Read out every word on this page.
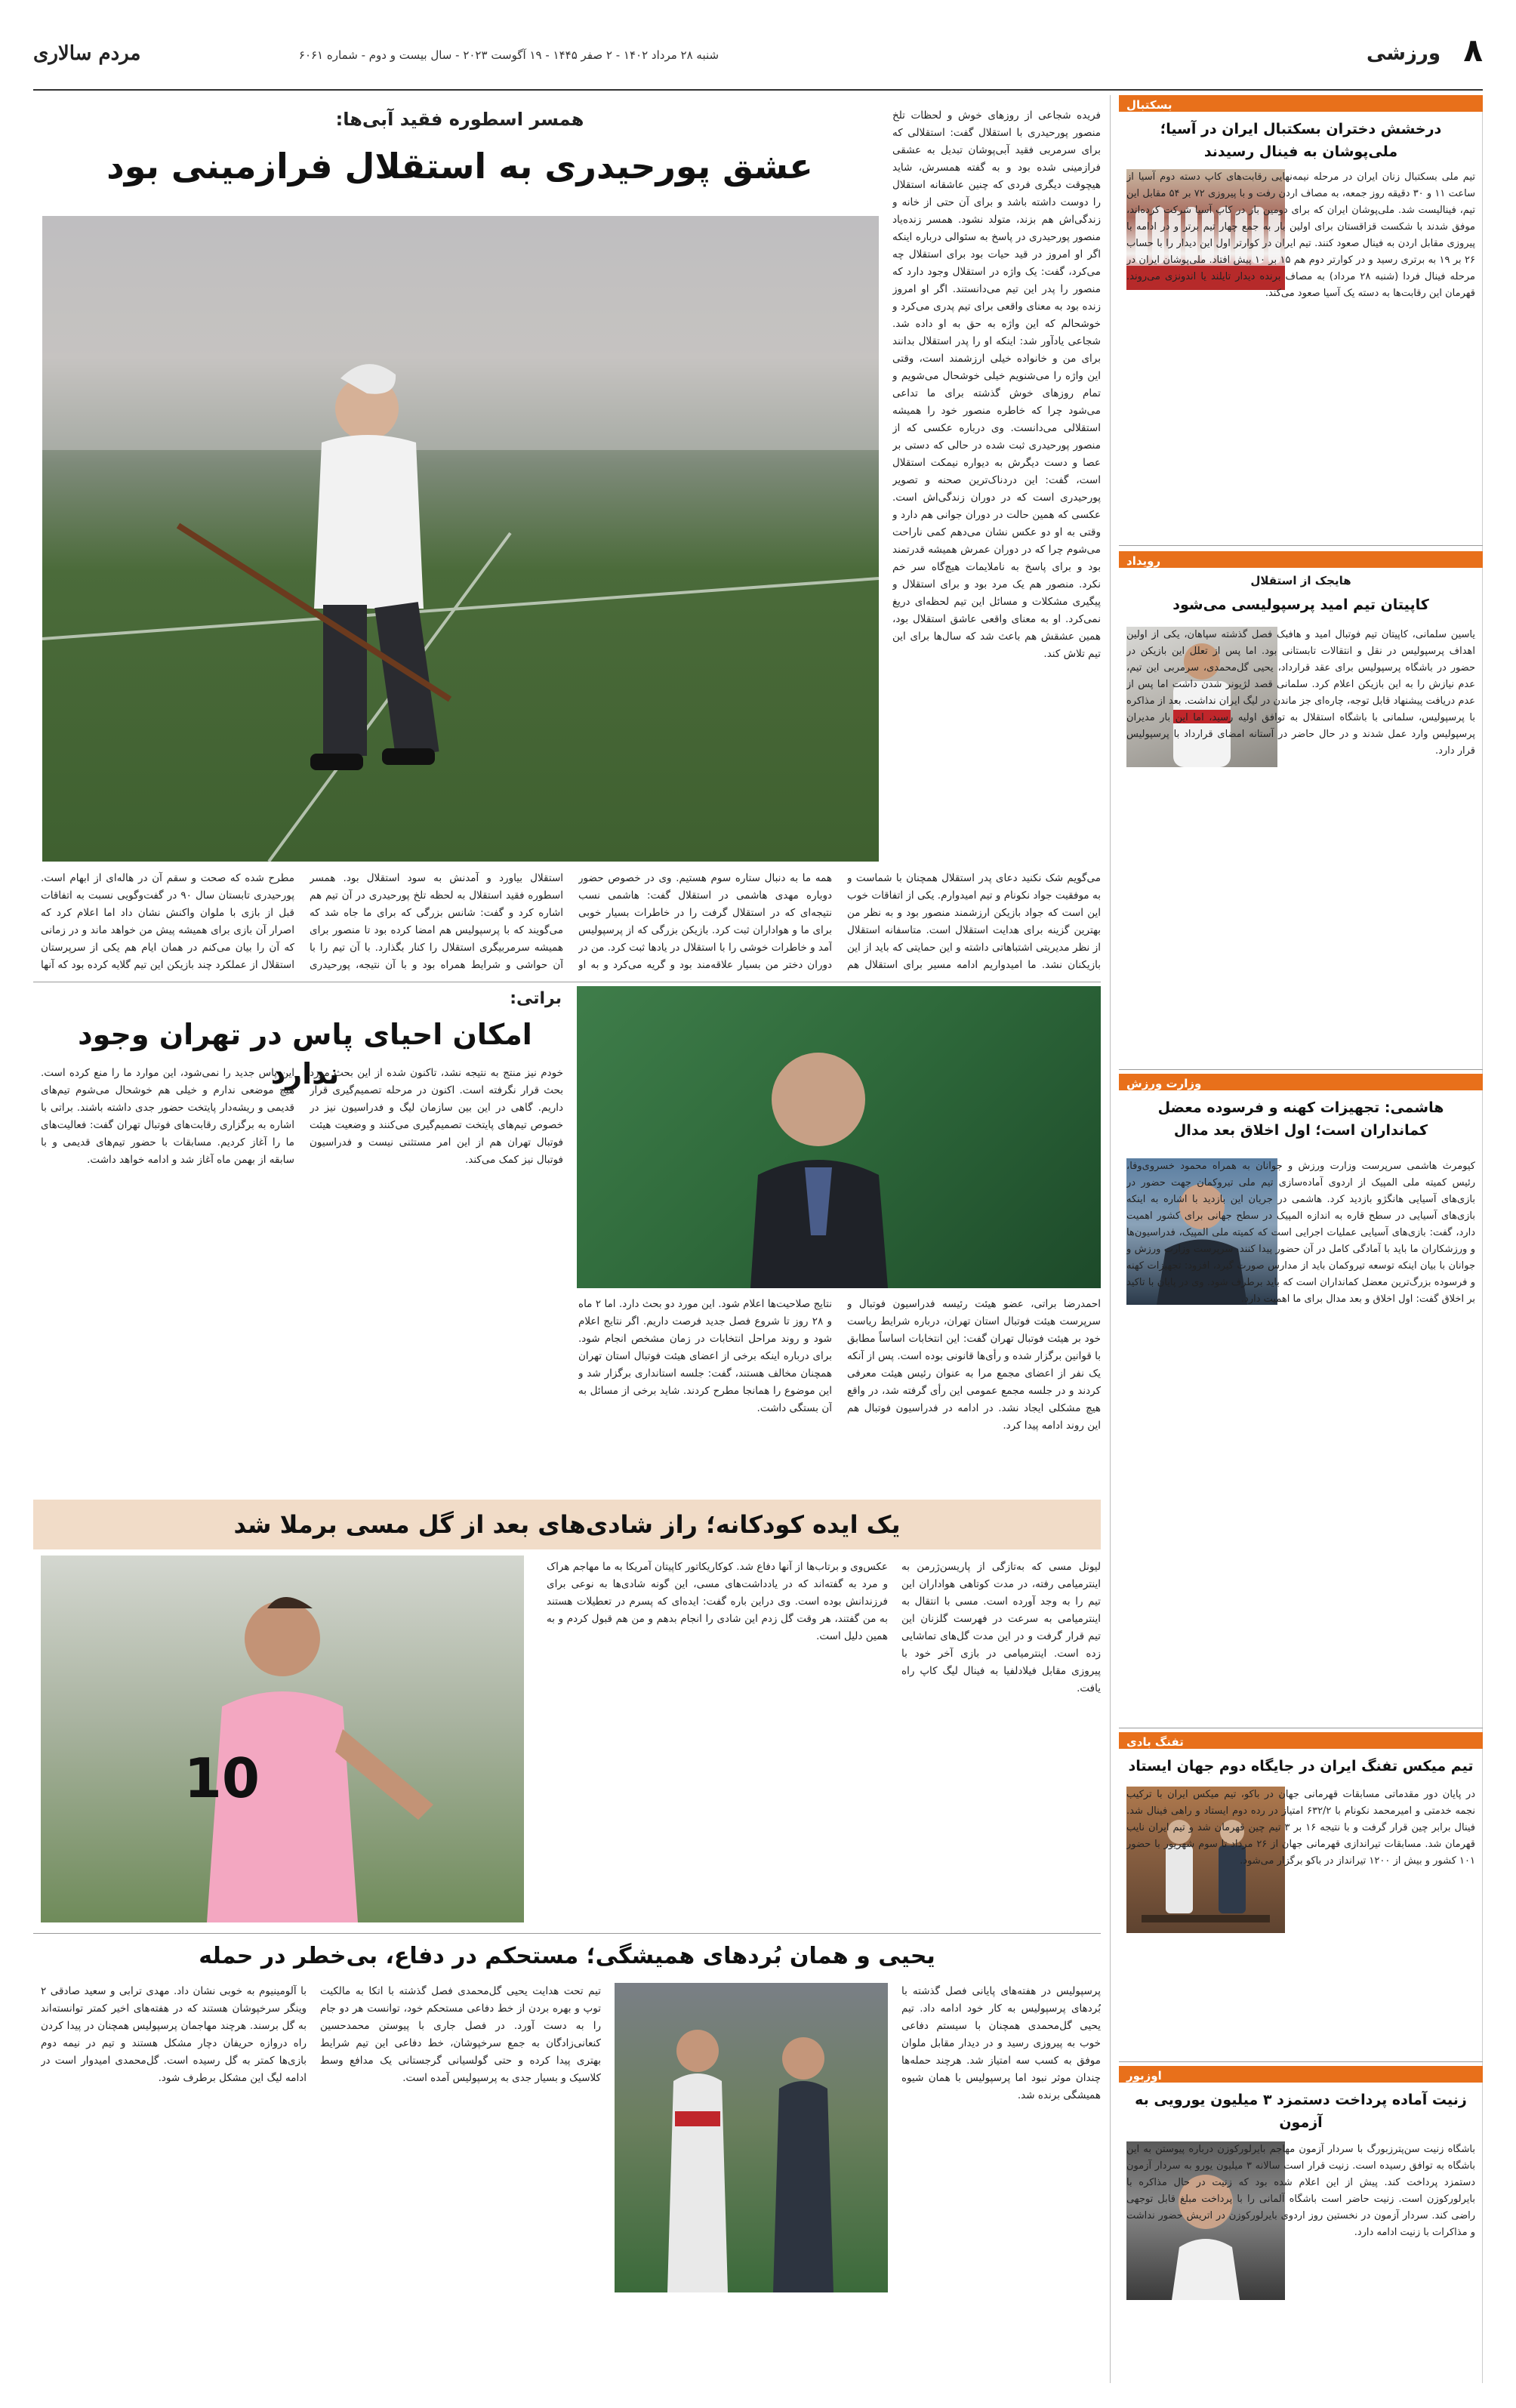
مردم سالاری	شنبه ۲۸ مرداد ۱۴۰۲ - ۲ صفر ۱۴۴۵ - ۱۹ آگوست ۲۰۲۳ - سال بیست و دوم - شماره ۶۰۶۱	ورزشی ۸
بسکتبال
درخشش دختران بسکتبال ایران در آسیا؛ ملی‌پوشان به فینال رسیدند
تیم ملی بسکتبال زنان ایران در مرحله نیمه‌نهایی رقابت‌های کاپ دسته دوم آسیا از ساعت ۱۱ و ۳۰ دقیقه روز جمعه، به مصاف اردن رفت و با پیروزی ۷۲ بر ۵۴ مقابل این تیم، فینالیست شد. ملی‌پوشان ایران که برای دومین بار در کاپ آسیا شرکت کرده‌اند، موفق شدند با شکست قزاقستان برای اولین بار به جمع چهار تیم برتر و در ادامه با پیروزی مقابل اردن به فینال صعود کنند. تیم ایران در کوارتر اول این دیدار را با حساب ۲۶ بر ۱۹ به برتری رسید و در کوارتر دوم هم ۱۵ بر ۱۰ پیش افتاد. ملی‌پوشان ایران در مرحله فینال فردا (شنبه ۲۸ مرداد) به مصاف برنده دیدار تایلند یا اندونزی می‌روند. قهرمان این رقابت‌ها به دسته یک آسیا صعود می‌کند.
رویداد
هایجک از استقلال
کاپیتان تیم امید پرسپولیسی می‌شود
یاسین سلمانی، کاپیتان تیم فوتبال امید و هافبک فصل گذشته سپاهان، یکی از اولین اهداف پرسپولیس در نقل و انتقالات تابستانی بود. اما پس از تعلل این بازیکن در حضور در باشگاه پرسپولیس برای عقد قرارداد، یحیی گل‌محمدی، سرمربی این تیم، عدم نیازش را به این بازیکن اعلام کرد. سلمانی قصد لژیونر شدن داشت اما پس از عدم دریافت پیشنهاد قابل توجه، چاره‌ای جز ماندن در لیگ ایران نداشت. بعد از مذاکره با پرسپولیس، سلمانی با باشگاه استقلال به توافق اولیه رسید، اما این بار مدیران پرسپولیس وارد عمل شدند و در حال حاضر در آستانه امضای قرارداد با پرسپولیس قرار دارد.
وزارت ورزش
هاشمی: تجهیزات کهنه و فرسوده معضل کمانداران است؛ اول اخلاق بعد مدال
کیومرث هاشمی سرپرست وزارت ورزش و جوانان به همراه محمود خسروی‌وفا، رئیس کمیته ملی المپیک از اردوی آماده‌سازی تیم ملی تیروکمان جهت حضور در بازی‌های آسیایی هانگژو بازدید کرد. هاشمی در جریان این بازدید با اشاره به اینکه بازی‌های آسیایی در سطح قاره به اندازه المپیک در سطح جهانی برای کشور اهمیت دارد، گفت: بازی‌های آسیایی عملیات اجرایی است که کمیته ملی المپیک، فدراسیون‌ها و ورزشکاران ما باید با آمادگی کامل در آن حضور پیدا کنند. سرپرست وزارت ورزش و جوانان با بیان اینکه توسعه تیروکمان باید از مدارس صورت گیرد، افزود: تجهیزات کهنه و فرسوده بزرگ‌ترین معضل کمانداران است که باید برطرف شود. وی در پایان با تاکید بر اخلاق گفت: اول اخلاق و بعد مدال برای ما اهمیت دارد.
تفنگ بادی
تیم میکس تفنگ ایران در جایگاه دوم جهان ایستاد
در پایان دور مقدماتی مسابقات قهرمانی جهان در باکو، تیم میکس ایران با ترکیب نجمه خدمتی و امیرمحمد نکونام با ۶۳۲/۲ امتیاز در رده دوم ایستاد و راهی فینال شد. فینال برابر چین قرار گرفت و با نتیجه ۱۶ بر ۳ تیم چین قهرمان شد و تیم ایران نایب قهرمان شد. مسابقات تیراندازی قهرمانی جهان از ۲۶ مرداد تا سوم شهریور با حضور ۱۰۱ کشور و بیش از ۱۲۰۰ تیرانداز در باکو برگزار می‌شود.
اوزبور
زنیت آماده پرداخت دستمزد ۳ میلیون یورویی به آزمون
باشگاه زنیت سن‌پترزبورگ با سردار آزمون مهاجم بایرلورکوزن درباره پیوستن به این باشگاه به توافق رسیده است. زنیت قرار است سالانه ۳ میلیون یورو به سردار آزمون دستمزد پرداخت کند. پیش از این اعلام شده بود که زنیت در حال مذاکره با بایرلورکوزن است. زنیت حاضر است باشگاه آلمانی را با پرداخت مبلغ قابل توجهی راضی کند. سردار آزمون در نخستین روز اردوی بایرلورکوزن در اتریش حضور نداشت و مذاکرات با زنیت ادامه دارد.
همسر اسطوره فقید آبی‌ها:
عشق پورحیدری به استقلال فرازمینی بود
فریده شجاعی از روزهای خوش و لحظات تلخ منصور پورحیدری با استقلال گفت: استقلالی که برای سرمربی فقید آبی‌پوشان تبدیل به عشقی فرازمینی شده بود و به گفته همسرش، شاید هیچوقت دیگری فردی که چنین عاشقانه استقلال را دوست داشته باشد و برای آن حتی از خانه و زندگی‌اش هم بزند، متولد نشود. همسر زنده‌یاد منصور پورحیدری در پاسخ به سئوالی درباره اینکه اگر او امروز در قید حیات بود برای استقلال چه می‌کرد، گفت: یک واژه در استقلال وجود دارد که منصور را پدر این تیم می‌دانستند. اگر او امروز زنده بود به معنای واقعی برای تیم پدری می‌کرد و خوشحالم که این واژه به حق به او داده شد. شجاعی یادآور شد: اینکه او را پدر استقلال بدانند برای من و خانواده خیلی ارزشمند است، وقتی این واژه را می‌شنویم خیلی خوشحال می‌شویم و تمام روزهای خوش گذشته برای ما تداعی می‌شود چرا که خاطره منصور خود را همیشه استقلالی می‌دانست. وی درباره عکسی که از منصور پورحیدری ثبت شده در حالی که دستی بر عصا و دست دیگرش به دیواره نیمکت استقلال است، گفت: این دردناک‌ترین صحنه و تصویر پورحیدری است که در دوران زندگی‌اش است. عکسی که همین حالت در دوران جوانی هم دارد و وقتی به او دو عکس نشان می‌دهم کمی ناراحت می‌شوم چرا که در دوران عمرش همیشه قدرتمند بود و برای پاسخ به ناملایمات هیچ‌گاه سر خم نکرد. منصور هم یک مرد بود و برای استقلال و پیگیری مشکلات و مسائل این تیم لحظه‌ای دریغ نمی‌کرد. او به معنای واقعی عاشق استقلال بود، همین عشقش هم باعث شد که سال‌ها برای این تیم تلاش کند.
می‌گویم شک نکنید دعای پدر استقلال همچنان با شماست و به موفقیت جواد نکونام و تیم امیدوارم. یکی از اتفاقات خوب این است که جواد بازیکن ارزشمند منصور بود و به نظر من بهترین گزینه برای هدایت استقلال است. متاسفانه استقلال از نظر مدیریتی اشتباهاتی داشته و این حمایتی که باید از این بازیکنان نشد. ما امیدواریم ادامه مسیر برای استقلال هم
همه ما به دنبال ستاره سوم هستیم. وی در خصوص حضور دوباره مهدی هاشمی در استقلال گفت: هاشمی نسب نتیجه‌ای که در استقلال گرفت را در خاطرات بسیار خوبی برای ما و هواداران ثبت کرد. بازیکن بزرگی که از پرسپولیس آمد و خاطرات خوشی را با استقلال در یادها ثبت کرد. من در دوران دختر من بسیار علاقه‌مند بود و گریه می‌کرد و به او
استقلال بیاورد و آمدنش به سود استقلال بود. همسر اسطوره فقید استقلال به لحظه تلخ پورحیدری در آن تیم هم اشاره کرد و گفت: شانس بزرگی که برای ما جاه شد که می‌گویند که با پرسپولیس هم امضا کرده بود تا منصور برای همیشه سرمربیگری استقلال را کنار بگذارد. با آن تیم را با آن حواشی و شرایط همراه بود و با آن نتیجه، پورحیدری
مطرح شده که صحت و سقم آن در هاله‌ای از ابهام است. پورحیدری تابستان سال ۹۰ در گفت‌وگویی نسبت به اتفاقات قبل از بازی با ملوان واکنش نشان داد اما اعلام کرد که اصرار آن بازی برای همیشه پیش من خواهد ماند و در زمانی که آن را بیان می‌کنم در همان ایام هم یکی از سرپرستان استقلال از عملکرد چند بازیکن این تیم گلایه کرده بود که آنها
براتی:
امکان احیای پاس در تهران وجود ندارد
خودم نیز منتج به نتیجه نشد، تاکنون شده از این بحث مورد بحث قرار نگرفته است. اکنون در مرحله تصمیم‌گیری قرار داریم. گاهی در این بین سازمان لیگ و فدراسیون نیز در خصوص تیم‌های پایتخت تصمیم‌گیری می‌کنند و وضعیت هیئت فوتبال تهران هم از این امر مستثنی نیست و فدراسیون فوتبال نیز کمک می‌کند.
این پاس جدید را نمی‌شود، این موارد ما را منع کرده است. هیچ موضعی ندارم و خیلی هم خوشحال می‌شوم تیم‌های قدیمی و ریشه‌دار پایتخت حضور جدی داشته باشند. براتی با اشاره به برگزاری رقابت‌های فوتبال تهران گفت: فعالیت‌های ما را آغاز کردیم. مسابقات با حضور تیم‌های قدیمی و با سابقه از بهمن ماه آغاز شد و ادامه خواهد داشت.
احمدرضا براتی، عضو هیئت رئیسه فدراسیون فوتبال و سرپرست هیئت فوتبال استان تهران، درباره شرایط ریاست خود بر هیئت فوتبال تهران گفت: این انتخابات اساساً مطابق با قوانین برگزار شده و رأی‌ها قانونی بوده است. پس از آنکه یک نفر از اعضای مجمع مرا به عنوان رئیس هیئت معرفی کردند و در جلسه مجمع عمومی این رأی گرفته شد، در واقع هیچ مشکلی ایجاد نشد. در ادامه در فدراسیون فوتبال هم این روند ادامه پیدا کرد.
نتایج صلاحیت‌ها اعلام شود. این مورد دو بحث دارد. اما ۲ ماه و ۲۸ روز تا شروع فصل جدید فرصت داریم. اگر نتایج اعلام شود و روند مراحل انتخابات در زمان مشخص انجام شود. برای درباره اینکه برخی از اعضای هیئت فوتبال استان تهران همچنان مخالف هستند، گفت: جلسه استانداری برگزار شد و این موضوع را همانجا مطرح کردند. شاید برخی از مسائل به آن بستگی داشت.
یک ایده کودکانه؛ راز شادی‌های بعد از گل مسی برملا شد
10
لیونل مسی که به‌تازگی از پاریسن‌ژرمن به اینترمیامی رفته، در مدت کوتاهی هواداران این تیم را به وجد آورده است. مسی با انتقال به اینترمیامی به سرعت در فهرست گلزنان این تیم قرار گرفت و در این مدت گل‌های تماشایی زده است. اینترمیامی در بازی آخر خود با پیروزی مقابل فیلادلفیا به فینال لیگ کاپ راه یافت.
عکس‌وی و برتاب‌ها از آنها دفاع شد. کوکاریکاتور کاپیتان آمریکا به ما مهاجم هراک و مرد به گفته‌اند که در یادداشت‌های مسی، این گونه شادی‌ها به نوعی برای فرزندانش بوده است. وی دراین باره گفت: ایده‌ای که پسرم در تعطیلات هستند به من گفتند، هر وقت گل زدم این شادی را انجام بدهم و من هم قبول کردم و به همین دلیل است.
یحیی و همان بُردهای همیشگی؛ مستحکم در دفاع، بی‌خطر در حمله
پرسپولیس در هفته‌های پایانی فصل گذشته با بُردهای پرسپولیس به کار خود ادامه داد. تیم یحیی گل‌محمدی همچنان با سیستم دفاعی خوب به پیروزی رسید و در دیدار مقابل ملوان موفق به کسب سه امتیاز شد. هرچند حمله‌ها چندان موثر نبود اما پرسپولیس با همان شیوه همیشگی برنده شد.
تیم تحت هدایت یحیی گل‌محمدی فصل گذشته با اتکا به مالکیت توپ و بهره بردن از خط دفاعی مستحکم خود، توانست هر دو جام را به دست آورد. در فصل جاری با پیوستن محمدحسین کنعانی‌زادگان به جمع سرخپوشان، خط دفاعی این تیم شرایط بهتری پیدا کرده و حتی گولسیانی گرجستانی یک مدافع وسط کلاسیک و بسیار جدی به پرسپولیس آمده است.
با آلومینیوم به خوبی نشان داد. مهدی ترابی و سعید صادقی ۲ وینگر سرخپوشان هستند که در هفته‌های اخیر کمتر توانسته‌اند به گل برسند. هرچند مهاجمان پرسپولیس همچنان در پیدا کردن راه دروازه حریفان دچار مشکل هستند و تیم در نیمه دوم بازی‌ها کمتر به گل رسیده است. گل‌محمدی امیدوار است در ادامه لیگ این مشکل برطرف شود.
